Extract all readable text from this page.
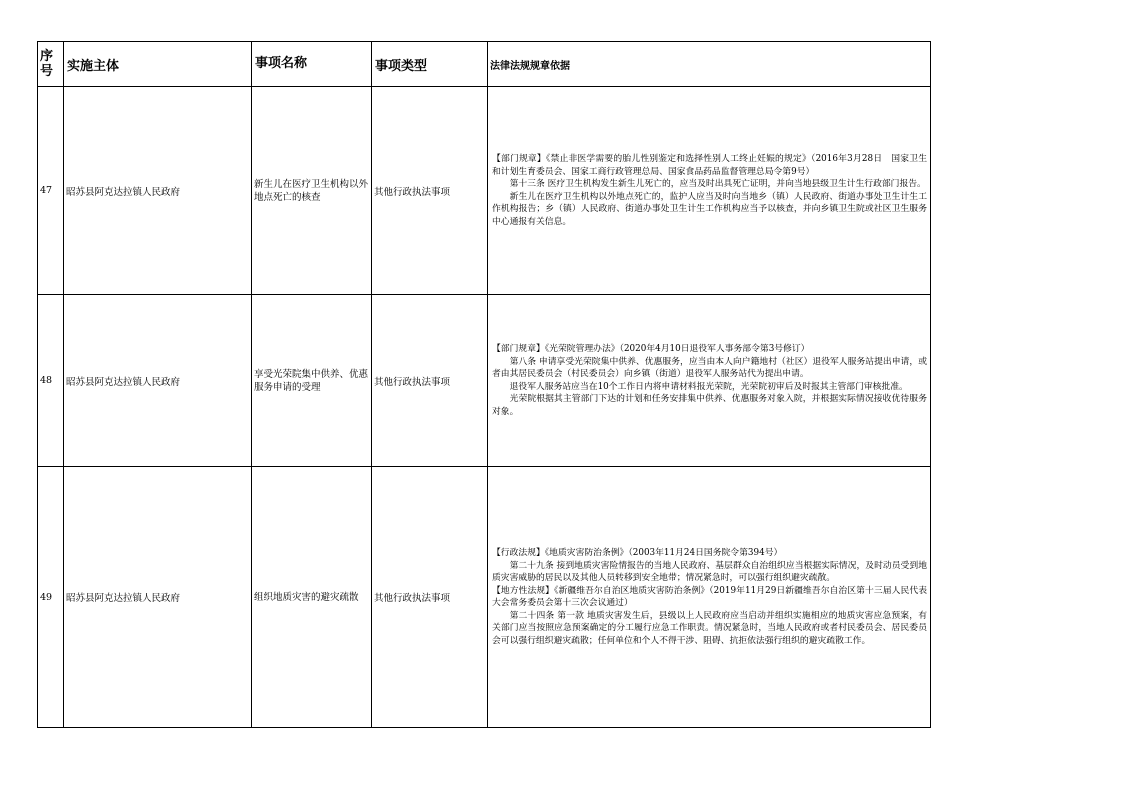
序号	实施主体	事项名称	事项类型	法律法规规章依据
47	昭苏县阿克达拉镇人民政府	新生儿在医疗卫生机构以外地点死亡的核查	其他行政执法事项	【部门规章】《禁止非医学需要的胎儿性别鉴定和选择性别人工终止妊娠的规定》（2016年3月28日　国家卫生和计划生育委员会、国家工商行政管理总局、国家食品药品监督管理总局令第9号）

第十三条 医疗卫生机构发生新生儿死亡的，应当及时出具死亡证明，并向当地县级卫生计生行政部门报告。

新生儿在医疗卫生机构以外地点死亡的，监护人应当及时向当地乡（镇）人民政府、街道办事处卫生计生工作机构报告；乡（镇）人民政府、街道办事处卫生计生工作机构应当予以核查，并向乡镇卫生院或社区卫生服务中心通报有关信息。

48	昭苏县阿克达拉镇人民政府	享受光荣院集中供养、优惠服务申请的受理	其他行政执法事项	【部门规章】《光荣院管理办法》（2020年4月10日退役军人事务部令第3号修订）

第八条 申请享受光荣院集中供养、优惠服务，应当由本人向户籍地村（社区）退役军人服务站提出申请，或者由其居民委员会（村民委员会）向乡镇（街道）退役军人服务站代为提出申请。

退役军人服务站应当在10个工作日内将申请材料报光荣院，光荣院初审后及时报其主管部门审核批准。

光荣院根据其主管部门下达的计划和任务安排集中供养、优惠服务对象入院，并根据实际情况接收优待服务对象。

49	昭苏县阿克达拉镇人民政府	组织地质灾害的避灾疏散	其他行政执法事项	【行政法规】《地质灾害防治条例》（2003年11月24日国务院令第394号）

第二十九条 接到地质灾害险情报告的当地人民政府、基层群众自治组织应当根据实际情况，及时动员受到地质灾害威胁的居民以及其他人员转移到安全地带；情况紧急时，可以强行组织避灾疏散。

【地方性法规】《新疆维吾尔自治区地质灾害防治条例》（2019年11月29日新疆维吾尔自治区第十三届人民代表大会常务委员会第十三次会议通过）

第二十四条 第一款 地质灾害发生后，县级以上人民政府应当启动并组织实施相应的地质灾害应急预案，有关部门应当按照应急预案确定的分工履行应急工作职责。情况紧急时，当地人民政府或者村民委员会、居民委员会可以强行组织避灾疏散；任何单位和个人不得干涉、阻碍、抗拒依法强行组织的避灾疏散工作。
